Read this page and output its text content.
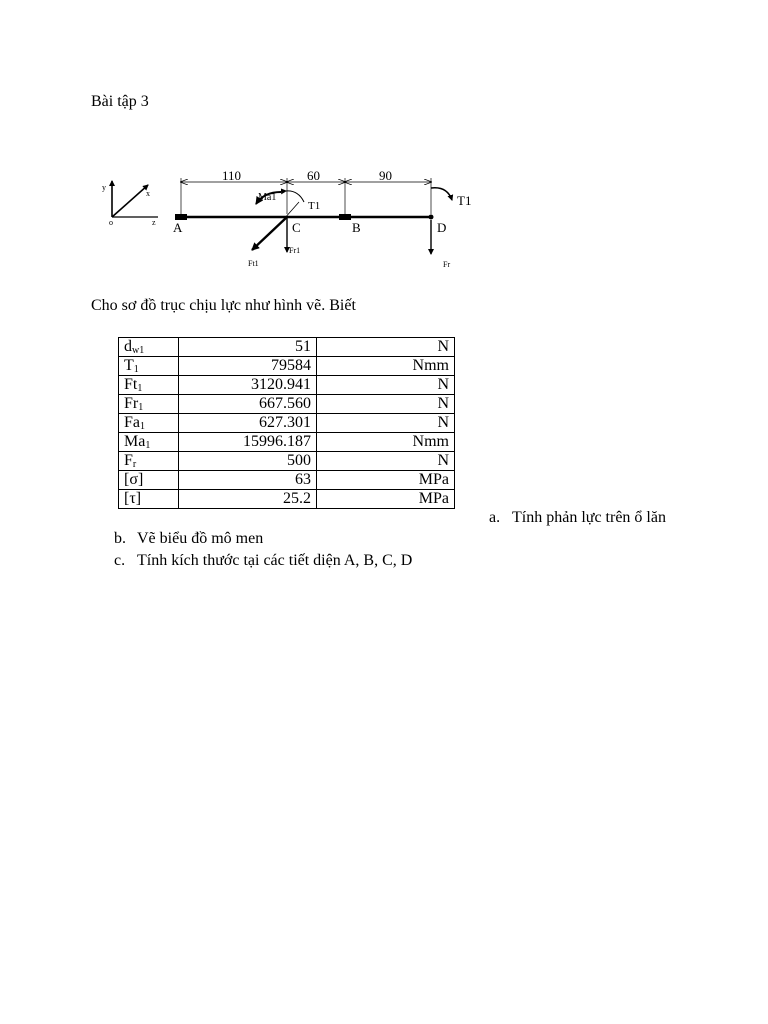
Bài tập 3
y
x
z
o
110	60	90
A	C	B	D
Ma1
T1
Ft1
Fr1
T1
Fr
Cho sơ đồ trục chịu lực như hình vẽ. Biết
$d_{w1}$	51	N
$T_1$	79584	Nmm
$Ft_1$	3120.941	N
$Fr_1$	667.560	N
$Fa_1$	627.301	N
$Ma_1$	15996.187	Nmm
$F_r$	500	N
[σ]	63	MPa
[τ]	25.2	MPa
a. Tính phản lực trên ổ lăn
b. Vẽ biểu đồ mô men
c. Tính kích thước tại các tiết diện A, B, C, D
